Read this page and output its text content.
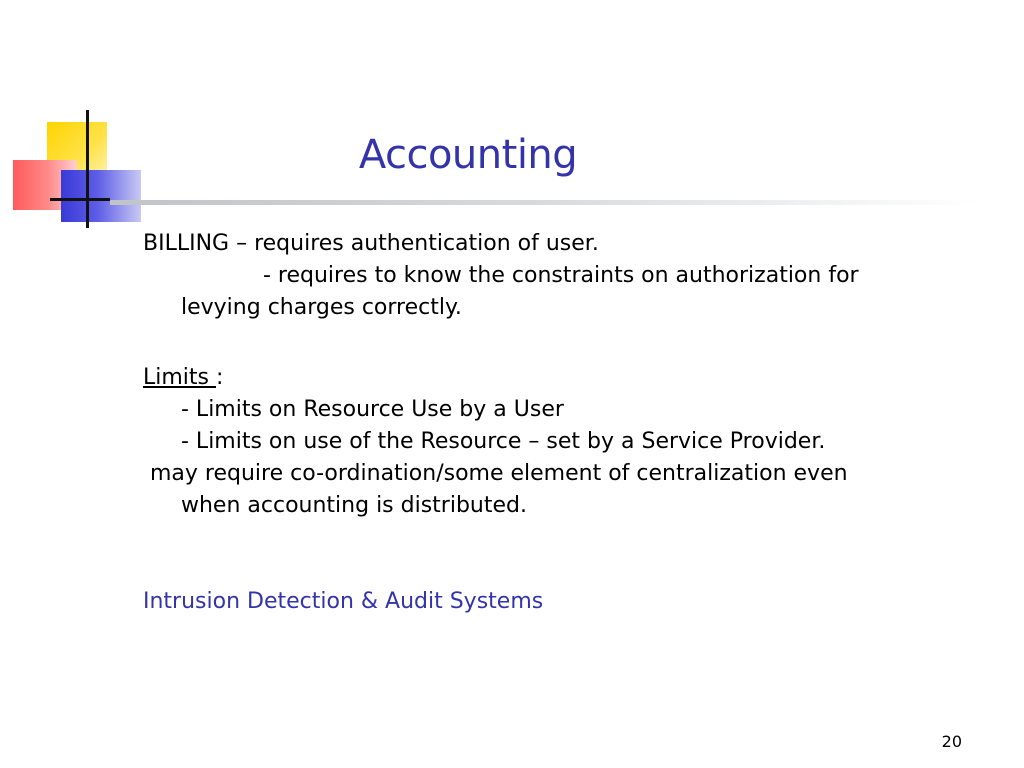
Accounting
BILLING – requires authentication of user.
- requires to know the constraints on authorization for
levying charges correctly.
Limits :
- Limits on Resource Use by a User
- Limits on use of the Resource – set by a Service Provider.
may require co-ordination/some element of centralization even
when accounting is distributed.
Intrusion Detection & Audit Systems
20
